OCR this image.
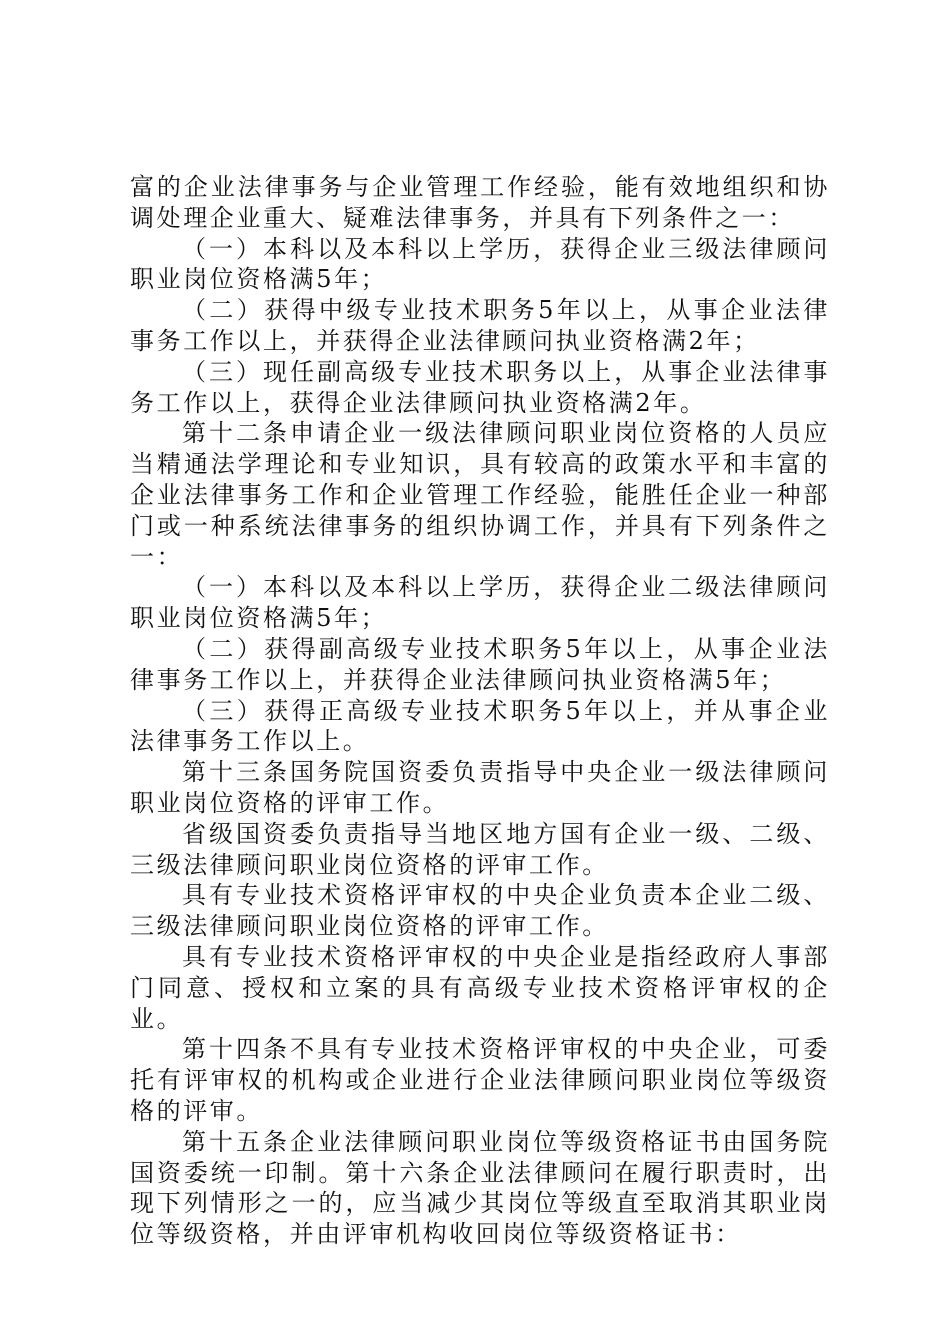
富的企业法律事务与企业管理工作经验，能有效地组织和协调处理企业重大、疑难法律事务，并具有下列条件之一：

（一）本科以及本科以上学历，获得企业三级法律顾问职业岗位资格满5年；

（二）获得中级专业技术职务5年以上，从事企业法律事务工作以上，并获得企业法律顾问执业资格满2年；

（三）现任副高级专业技术职务以上，从事企业法律事务工作以上，获得企业法律顾问执业资格满2年。

第十二条申请企业一级法律顾问职业岗位资格的人员应当精通法学理论和专业知识，具有较高的政策水平和丰富的企业法律事务工作和企业管理工作经验，能胜任企业一种部门或一种系统法律事务的组织协调工作，并具有下列条件之一：

（一）本科以及本科以上学历，获得企业二级法律顾问职业岗位资格满5年；

（二）获得副高级专业技术职务5年以上，从事企业法律事务工作以上，并获得企业法律顾问执业资格满5年；

（三）获得正高级专业技术职务5年以上，并从事企业法律事务工作以上。

第十三条国务院国资委负责指导中央企业一级法律顾问职业岗位资格的评审工作。

省级国资委负责指导当地区地方国有企业一级、二级、三级法律顾问职业岗位资格的评审工作。

具有专业技术资格评审权的中央企业负责本企业二级、三级法律顾问职业岗位资格的评审工作。

具有专业技术资格评审权的中央企业是指经政府人事部门同意、授权和立案的具有高级专业技术资格评审权的企业。

第十四条不具有专业技术资格评审权的中央企业，可委托有评审权的机构或企业进行企业法律顾问职业岗位等级资格的评审。

第十五条企业法律顾问职业岗位等级资格证书由国务院国资委统一印制。第十六条企业法律顾问在履行职责时，出现下列情形之一的，应当减少其岗位等级直至取消其职业岗位等级资格，并由评审机构收回岗位等级资格证书：
